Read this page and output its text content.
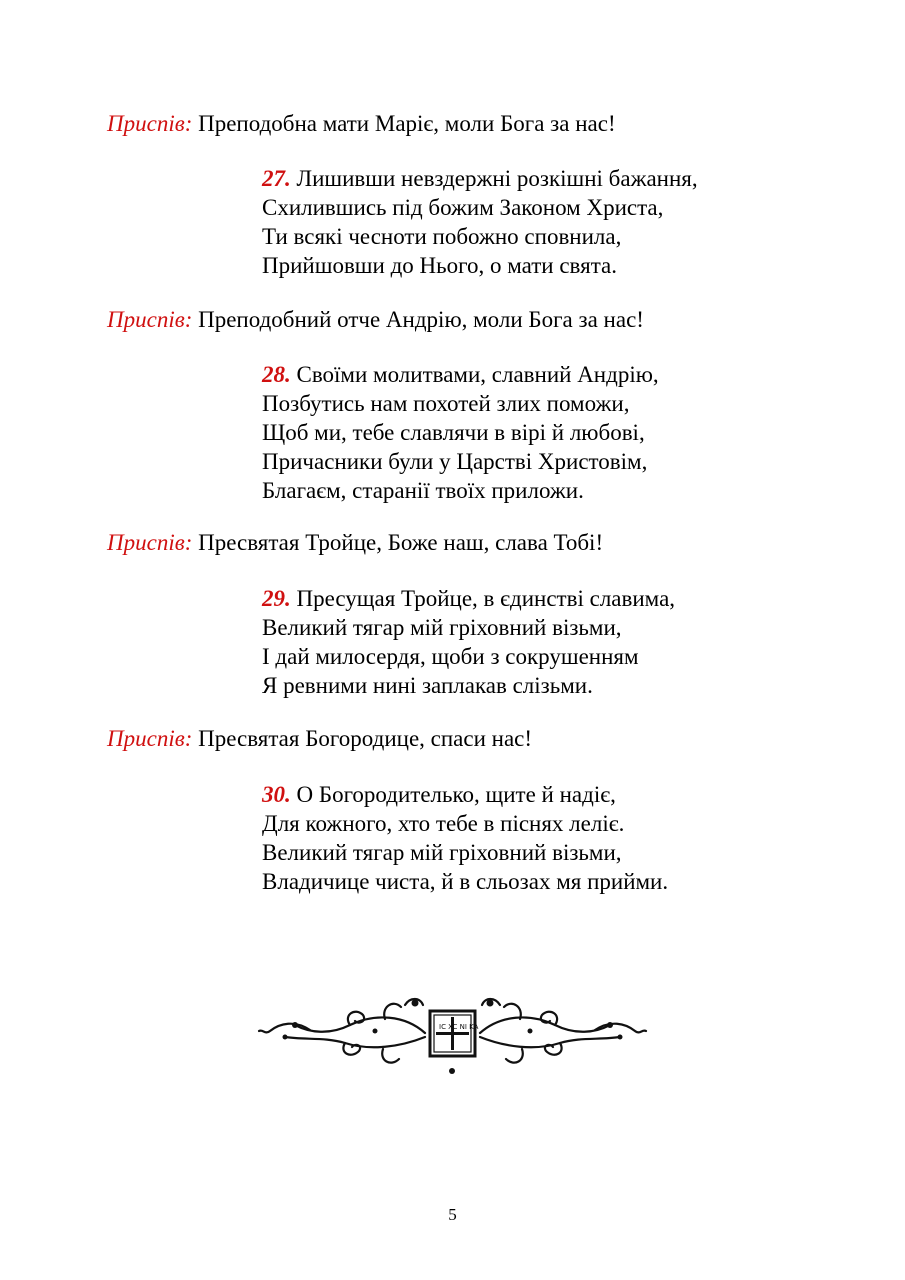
Приспів: Преподобна мати Маріє, моли Бога за нас!
27. Лишивши невздержні розкішні бажання,
Схилившись під божим Законом Христа,
Ти всякі чесноти побожно сповнила,
Прийшовши до Нього, о мати свята.
Приспів: Преподобний отче Андрію, моли Бога за нас!
28. Своїми молитвами, славний Андрію,
Позбутись нам похотей злих поможи,
Щоб ми, тебе славлячи в вірі й любові,
Причасники були у Царстві Христовім,
Благаєм, старанії твоїх приложи.
Приспів: Пресвятая Тройце, Боже наш, слава Тобі!
29. Пресущая Тройце, в єдинстві славима,
Великий тягар мій гріховний візьми,
І дай милосердя, щоби з сокрушенням
Я ревними нині заплакав слізьми.
Приспів: Пресвятая Богородице, спаси нас!
30. О Богородителько, щите й надіє,
Для кожного, хто тебе в піснях леліє.
Великий тягар мій гріховний візьми,
Владичице чиста, й в сльозах мя прийми.
IC XC NI KA
5
